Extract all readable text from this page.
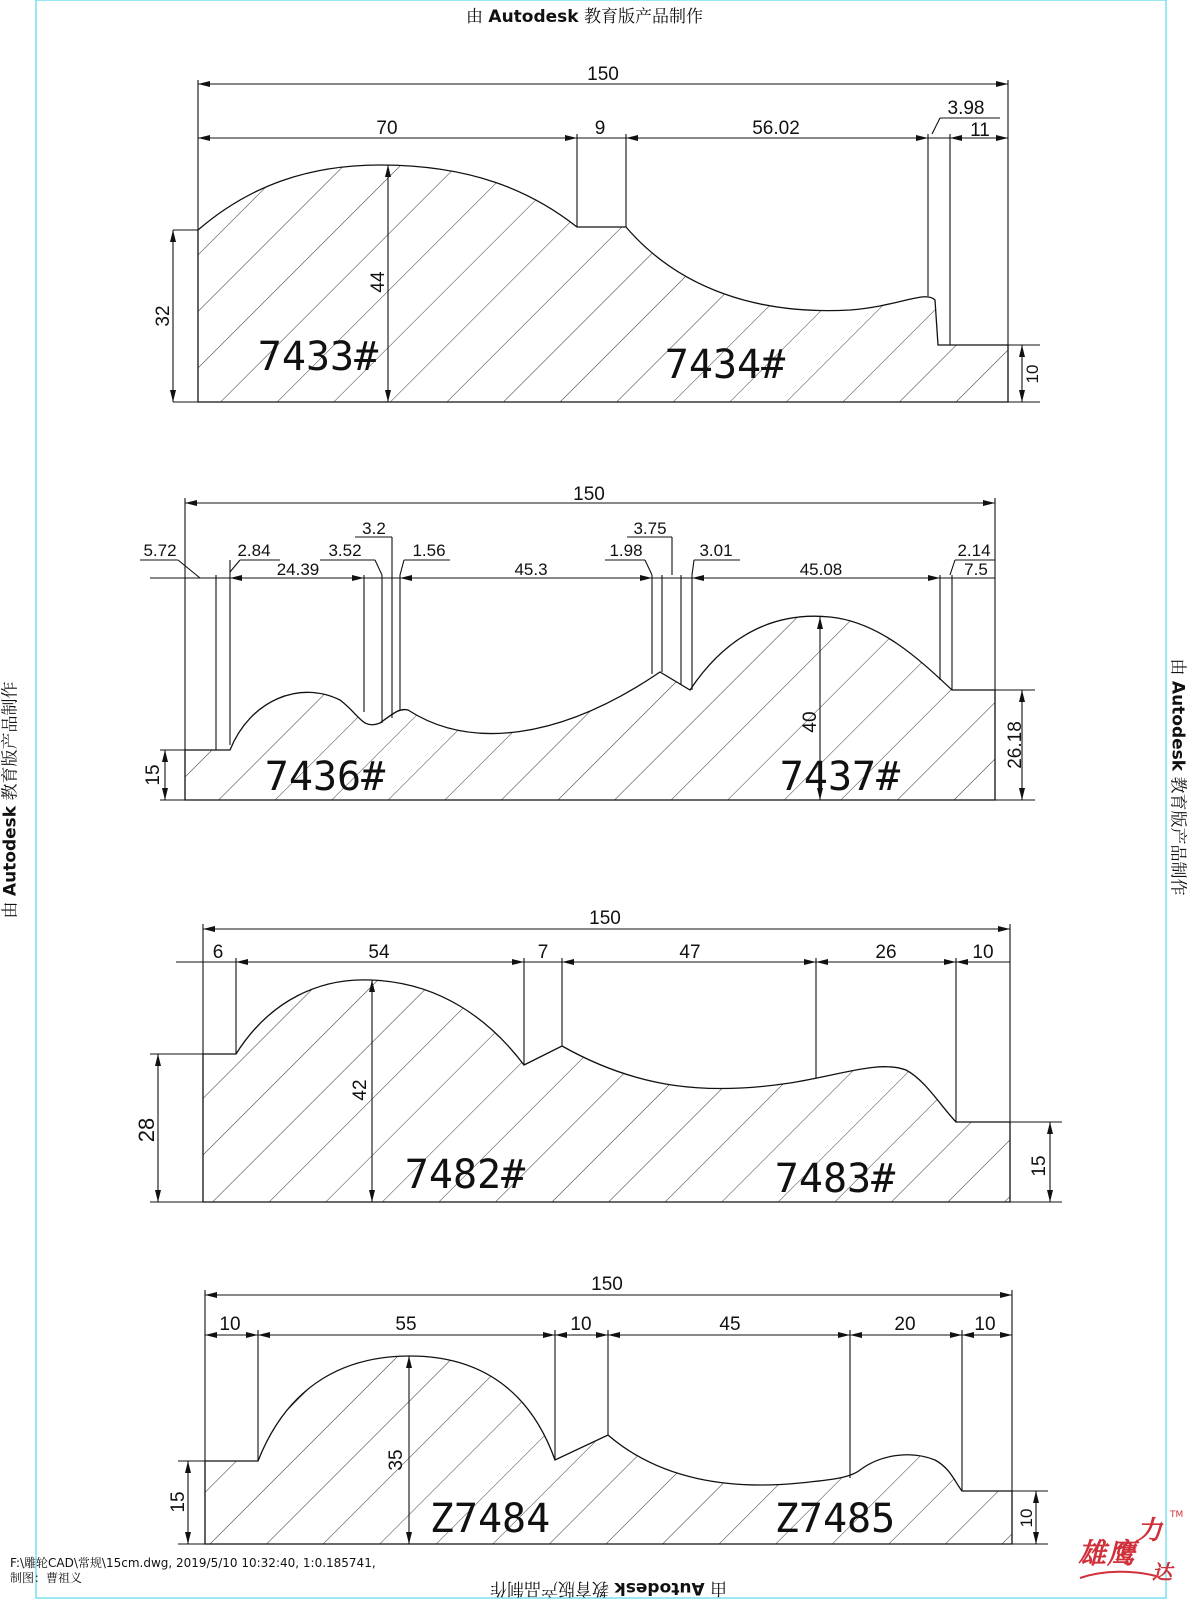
150
70	9	56.02
3.98
11
32
44
10
7433#	7434#
150
5.72	2.84
24.39
3.52
3.2
1.56
45.3
1.98
3.75
3.01
45.08
2.14
7.5
15
40	26.18
7436#	7437#
150
6	54	7	47	26	10
28
42
15
7482#	7483#
150
10	55	10	45	20	10
15
35
10
Z7484	Z7485
由 Autodesk 教育版产品制作
由 Autodesk 教育版产品制作
由 Autodesk 教育版产品制作
由 Autodesk 教育版产品制作
F:\雕轮CAD\常规\15cm.dwg, 2019/5/10 10:32:40, 1:0.185741,
制图：曹祖义
力
TM
雄鹰
达
